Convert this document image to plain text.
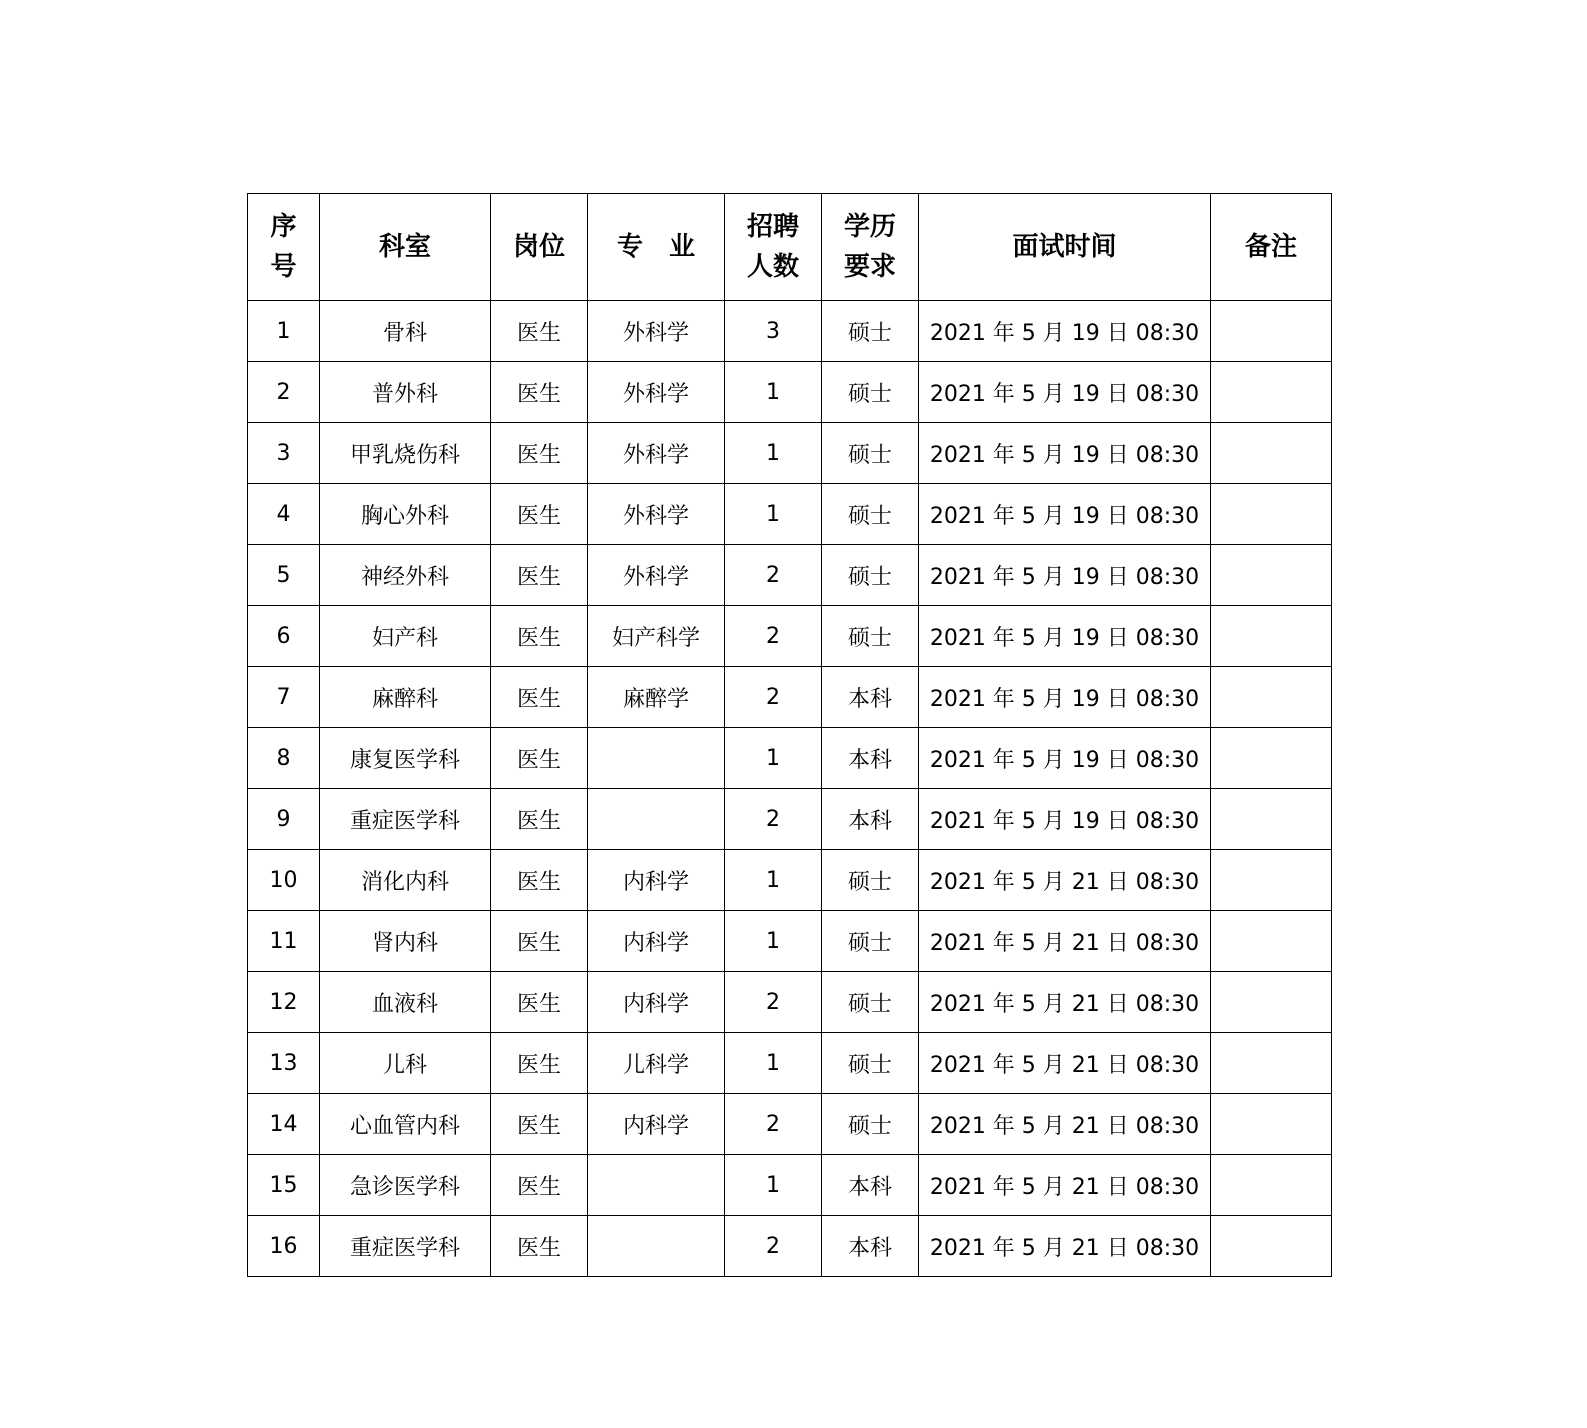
序号	科室	岗位	专　业	招聘人数	学历要求	面试时间	备注
1	骨科	医生	外科学	3	硕士	2021 年 5 月 19 日 08:30	
2	普外科	医生	外科学	1	硕士	2021 年 5 月 19 日 08:30	
3	甲乳烧伤科	医生	外科学	1	硕士	2021 年 5 月 19 日 08:30	
4	胸心外科	医生	外科学	1	硕士	2021 年 5 月 19 日 08:30	
5	神经外科	医生	外科学	2	硕士	2021 年 5 月 19 日 08:30	
6	妇产科	医生	妇产科学	2	硕士	2021 年 5 月 19 日 08:30	
7	麻醉科	医生	麻醉学	2	本科	2021 年 5 月 19 日 08:30	
8	康复医学科	医生		1	本科	2021 年 5 月 19 日 08:30	
9	重症医学科	医生		2	本科	2021 年 5 月 19 日 08:30	
10	消化内科	医生	内科学	1	硕士	2021 年 5 月 21 日 08:30	
11	肾内科	医生	内科学	1	硕士	2021 年 5 月 21 日 08:30	
12	血液科	医生	内科学	2	硕士	2021 年 5 月 21 日 08:30	
13	儿科	医生	儿科学	1	硕士	2021 年 5 月 21 日 08:30	
14	心血管内科	医生	内科学	2	硕士	2021 年 5 月 21 日 08:30	
15	急诊医学科	医生		1	本科	2021 年 5 月 21 日 08:30	
16	重症医学科	医生		2	本科	2021 年 5 月 21 日 08:30	
